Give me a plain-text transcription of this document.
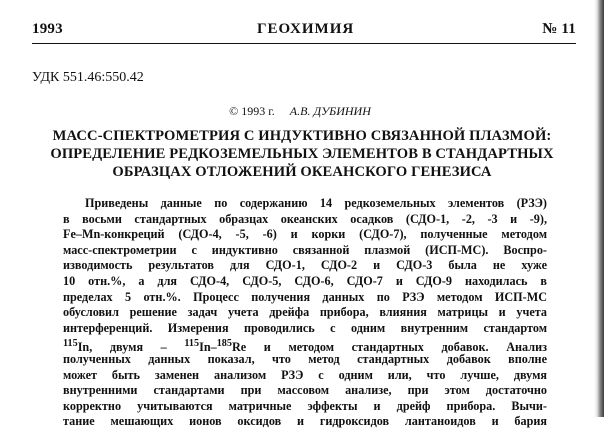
1993	ГЕОХИМИЯ	№ 11
УДК 551.46:550.42
© 1993 г. А.В. ДУБИНИН
МАСС-СПЕКТРОМЕТРИЯ С ИНДУКТИВНО СВЯЗАННОЙ ПЛАЗМОЙ:
ОПРЕДЕЛЕНИЕ РЕДКОЗЕМЕЛЬНЫХ ЭЛЕМЕНТОВ В СТАНДАРТНЫХ
ОБРАЗЦАХ ОТЛОЖЕНИЙ ОКЕАНСКОГО ГЕНЕЗИСА
Приведены данные по содержанию 14 редкоземельных элементов (РЗЭ)
в восьми стандартных образцах океанских осадков (СДО-1, -2, -3 и -9),
Fe–Mn-конкреций (СДО-4, -5, -6) и корки (СДО-7), полученные методом
масс-спектрометрии с индуктивно связанной плазмой (ИСП-МС). Воспро-
изводимость результатов для СДО-1, СДО-2 и СДО-3 была не хуже
10 отн.%, а для СДО-4, СДО-5, СДО-6, СДО-7 и СДО-9 находилась в
пределах 5 отн.%. Процесс получения данных по РЗЭ методом ИСП-МС
обусловил решение задач учета дрейфа прибора, влияния матрицы и учета
интерференций. Измерения проводились с одним внутренним стандартом
$^{115}$In, двумя – $^{115}$In–$^{185}$Re и методом стандартных добавок. Анализ
полученных данных показал, что метод стандартных добавок вполне
может быть заменен анализом РЗЭ с одним или, что лучше, двумя
внутренними стандартами при массовом анализе, при этом достаточно
корректно учитываются матричные эффекты и дрейф прибора. Вычи-
тание мешающих ионов оксидов и гидроксидов лантаноидов и бария
